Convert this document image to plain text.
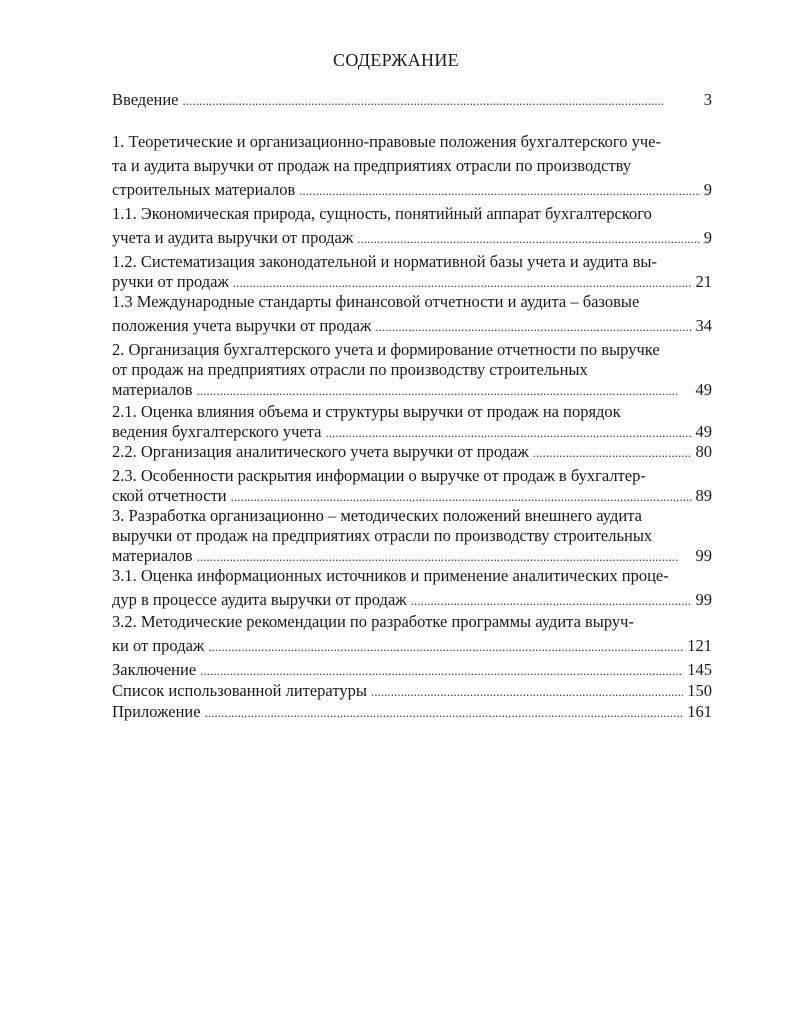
СОДЕРЖАНИЕ
Введение . . .	3
1. Теоретические и организационно-правовые положения бухгалтерского уче-
та и аудита выручки от продаж на предприятиях отрасли по производству
строительных материалов . . .	9
1.1. Экономическая природа, сущность, понятийный аппарат бухгалтерского
учета и аудита выручки от продаж . . .	9
1.2. Систематизация законодательной и нормативной базы учета и аудита вы-
ручки от продаж . . .	21
1.3 Международные стандарты финансовой отчетности и аудита – базовые
положения учета выручки от продаж . . .	34
2. Организация бухгалтерского учета и формирование отчетности по выручке
от продаж на предприятиях отрасли по производству строительных
материалов . . .	49
2.1. Оценка влияния объема и структуры выручки от продаж на порядок
ведения бухгалтерского учета . . .	49
2.2. Организация аналитического учета выручки от продаж . . .	80
2.3. Особенности раскрытия информации о выручке от продаж в бухгалтер-
ской отчетности . . .	89
3. Разработка организационно – методических положений внешнего аудита
выручки от продаж на предприятиях отрасли по производству строительных
материалов . . .	99
3.1. Оценка информационных источников и применение аналитических проце-
дур в процессе аудита выручки от продаж . . .	99
3.2. Методические рекомендации по разработке программы аудита выруч-
ки от продаж . . .	121
Заключение . . .	145
Список использованной литературы . . .	150
Приложение . . .	161
